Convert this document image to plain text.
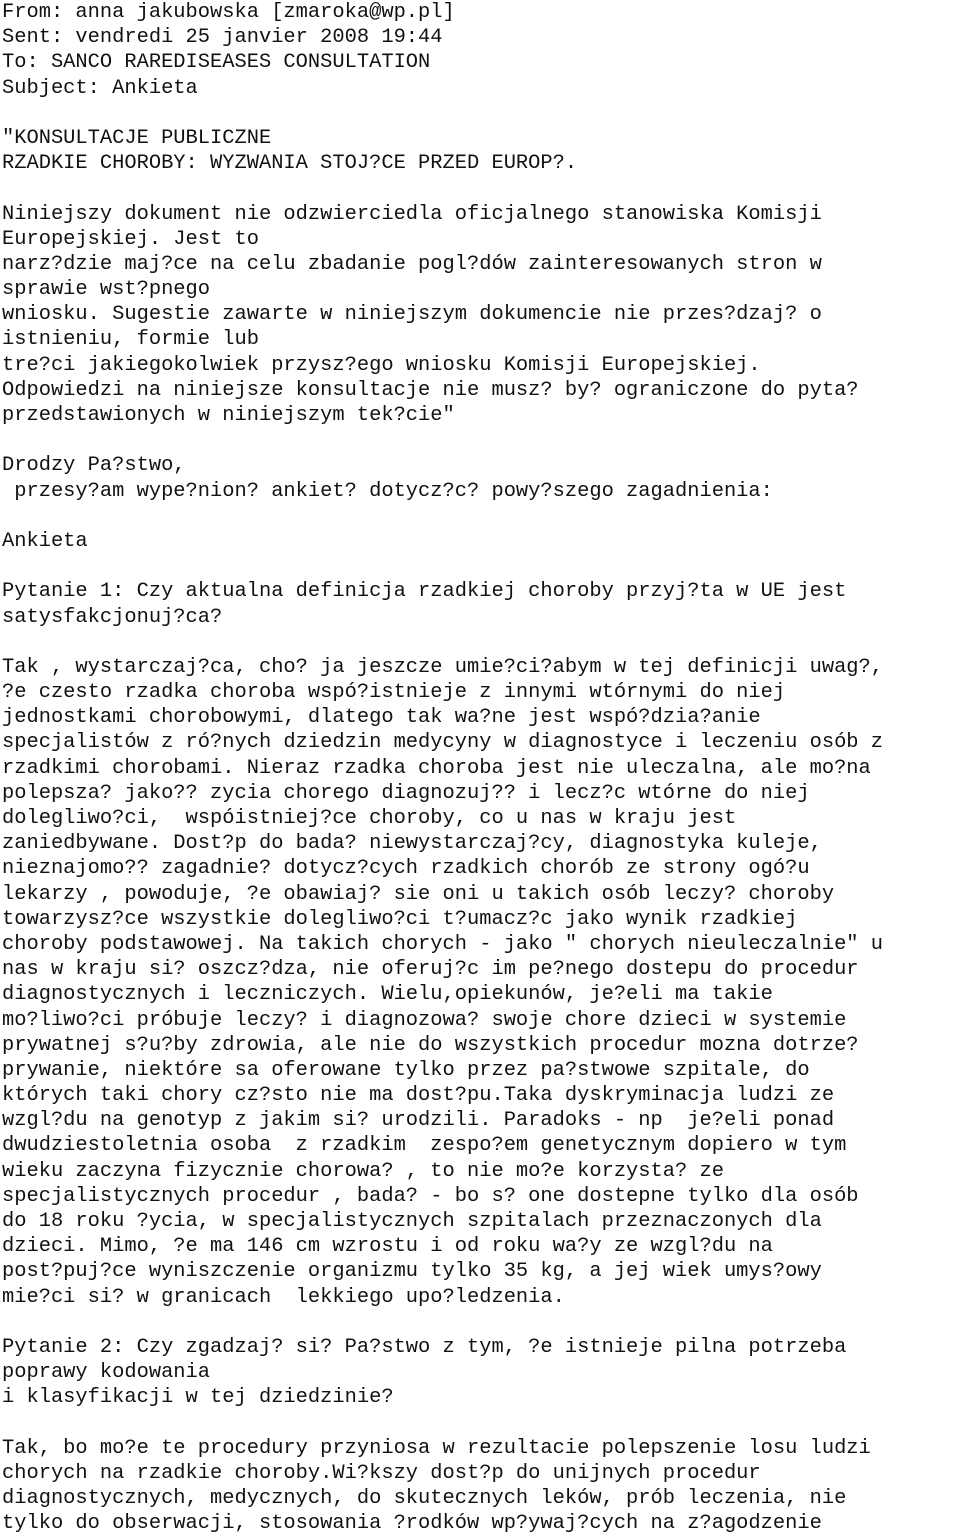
From: anna jakubowska [zmaroka@wp.pl]
Sent: vendredi 25 janvier 2008 19:44
To: SANCO RAREDISEASES CONSULTATION
Subject: Ankieta
"KONSULTACJE PUBLICZNE
RZADKIE CHOROBY: WYZWANIA STOJ?CE PRZED EUROP?.
Niniejszy dokument nie odzwierciedla oficjalnego stanowiska Komisji
Europejskiej. Jest to
narz?dzie maj?ce na celu zbadanie pogl?dów zainteresowanych stron w
sprawie wst?pnego
wniosku. Sugestie zawarte w niniejszym dokumencie nie przes?dzaj? o
istnieniu, formie lub
tre?ci jakiegokolwiek przysz?ego wniosku Komisji Europejskiej.
Odpowiedzi na niniejsze konsultacje nie musz? by? ograniczone do pyta?
przedstawionych w niniejszym tek?cie"
Drodzy Pa?stwo,
przesy?am wype?nion? ankiet? dotycz?c? powy?szego zagadnienia:
Ankieta
Pytanie 1: Czy aktualna definicja rzadkiej choroby przyj?ta w UE jest
satysfakcjonuj?ca?
Tak , wystarczaj?ca, cho? ja jeszcze umie?ci?abym w tej definicji uwag?,
?e czesto rzadka choroba wspó?istnieje z innymi wtórnymi do niej
jednostkami chorobowymi, dlatego tak wa?ne jest wspó?dzia?anie
specjalistów z ró?nych dziedzin medycyny w diagnostyce i leczeniu osób z
rzadkimi chorobami. Nieraz rzadka choroba jest nie uleczalna, ale mo?na
polepsza? jako?? zycia chorego diagnozuj?? i lecz?c wtórne do niej
dolegliwo?ci,  wspóistniej?ce choroby, co u nas w kraju jest
zaniedbywane. Dost?p do bada? niewystarczaj?cy, diagnostyka kuleje,
nieznajomo?? zagadnie? dotycz?cych rzadkich chorób ze strony ogó?u
lekarzy , powoduje, ?e obawiaj? sie oni u takich osób leczy? choroby
towarzysz?ce wszystkie dolegliwo?ci t?umacz?c jako wynik rzadkiej
choroby podstawowej. Na takich chorych - jako " chorych nieuleczalnie" u
nas w kraju si? oszcz?dza, nie oferuj?c im pe?nego dostepu do procedur
diagnostycznych i leczniczych. Wielu,opiekunów, je?eli ma takie
mo?liwo?ci próbuje leczy? i diagnozowa? swoje chore dzieci w systemie
prywatnej s?u?by zdrowia, ale nie do wszystkich procedur mozna dotrze?
prywanie, niektóre sa oferowane tylko przez pa?stwowe szpitale, do
których taki chory cz?sto nie ma dost?pu.Taka dyskryminacja ludzi ze
wzgl?du na genotyp z jakim si? urodzili. Paradoks - np  je?eli ponad
dwudziestoletnia osoba  z rzadkim  zespo?em genetycznym dopiero w tym
wieku zaczyna fizycznie chorowa? , to nie mo?e korzysta? ze
specjalistycznych procedur , bada? - bo s? one dostepne tylko dla osób
do 18 roku ?ycia, w specjalistycznych szpitalach przeznaczonych dla
dzieci. Mimo, ?e ma 146 cm wzrostu i od roku wa?y ze wzgl?du na
post?puj?ce wyniszczenie organizmu tylko 35 kg, a jej wiek umys?owy
mie?ci si? w granicach  lekkiego upo?ledzenia.
Pytanie 2: Czy zgadzaj? si? Pa?stwo z tym, ?e istnieje pilna potrzeba
poprawy kodowania
i klasyfikacji w tej dziedzinie?
Tak, bo mo?e te procedury przyniosa w rezultacie polepszenie losu ludzi
chorych na rzadkie choroby.Wi?kszy dost?p do unijnych procedur
diagnostycznych, medycznych, do skutecznych leków, prób leczenia, nie
tylko do obserwacji, stosowania ?rodków wp?ywaj?cych na z?agodzenie
